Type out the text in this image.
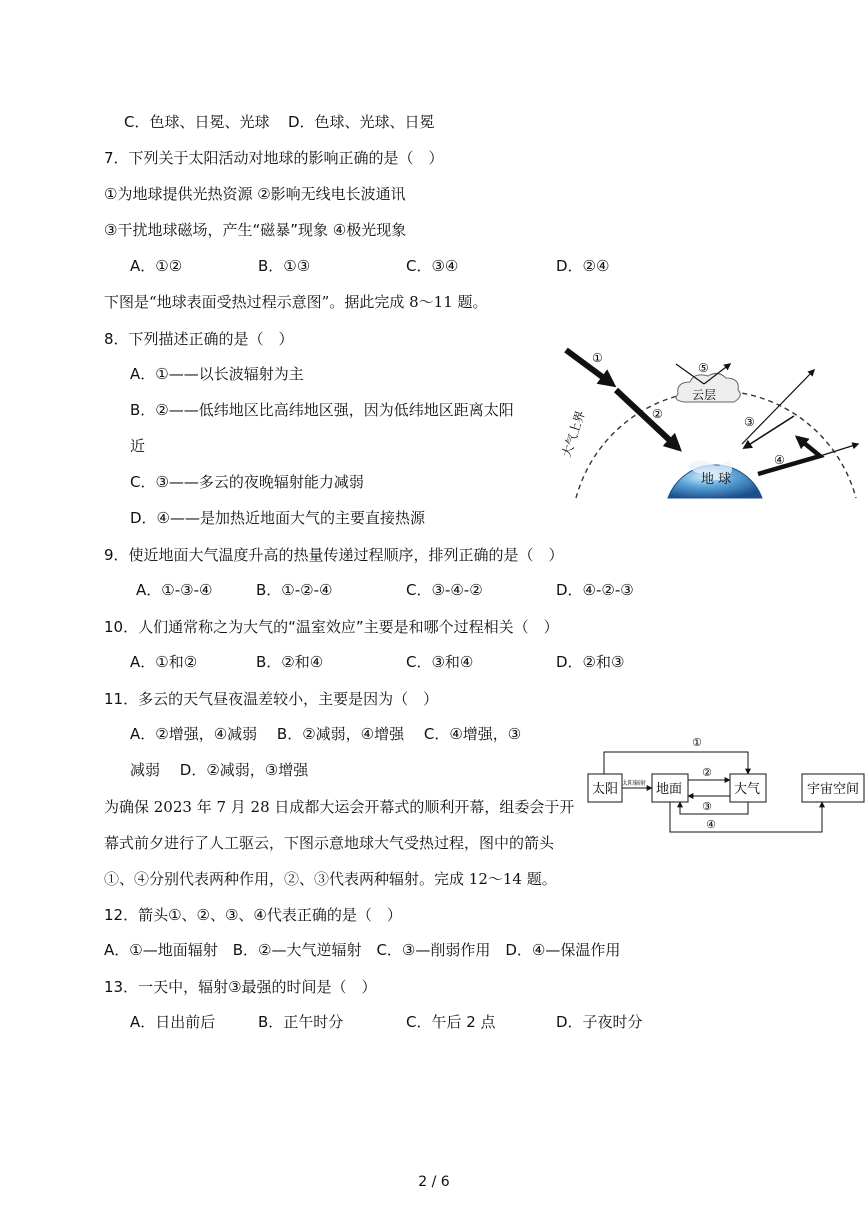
C．色球、日冕、光球 D．色球、光球、日冕
7．下列关于太阳活动对地球的影响正确的是（　）
①为地球提供光热资源 ②影响无线电长波通讯
③干扰地球磁场，产生“磁暴”现象 ④极光现象
A．①②	B．①③	C．③④	D．②④
下图是“地球表面受热过程示意图”。据此完成 8～11 题。
8．下列描述正确的是（　）
A．①——以长波辐射为主
B．②——低纬地区比高纬地区强，因为低纬地区距离太阳
近
C．③——多云的夜晚辐射能力减弱
D．④——是加热近地面大气的主要直接热源
大气上界
地 球
云层
①
②
③
④
⑤
9．使近地面大气温度升高的热量传递过程顺序，排列正确的是（　）
A．①-③-④	B．①-②-④	C．③-④-②	D．④-②-③
10．人们通常称之为大气的“温室效应”主要是和哪个过程相关（　）
A．①和②	B．②和④	C．③和④	D．②和③
11．多云的天气昼夜温差较小，主要是因为（　）
A．②增强，④减弱　 B．②减弱，④增强　 C．④增强，③
减弱　 D．②减弱，③增强
为确保 2023 年 7 月 28 日成都大运会开幕式的顺利开幕，组委会于开
幕式前夕进行了人工驱云，下图示意地球大气受热过程，图中的箭头
①、④分别代表两种作用，②、③代表两种辐射。完成 12～14 题。
太阳	地面	大气	宇宙空间
太阳辐射
①
②
③
④
12．箭头①、②、③、④代表正确的是（　）
A．①—地面辐射　B．②—大气逆辐射　C．③—削弱作用　D．④—保温作用
13．一天中，辐射③最强的时间是（　）
A．日出前后	B．正午时分	C．午后 2 点	D．子夜时分
2 / 6
